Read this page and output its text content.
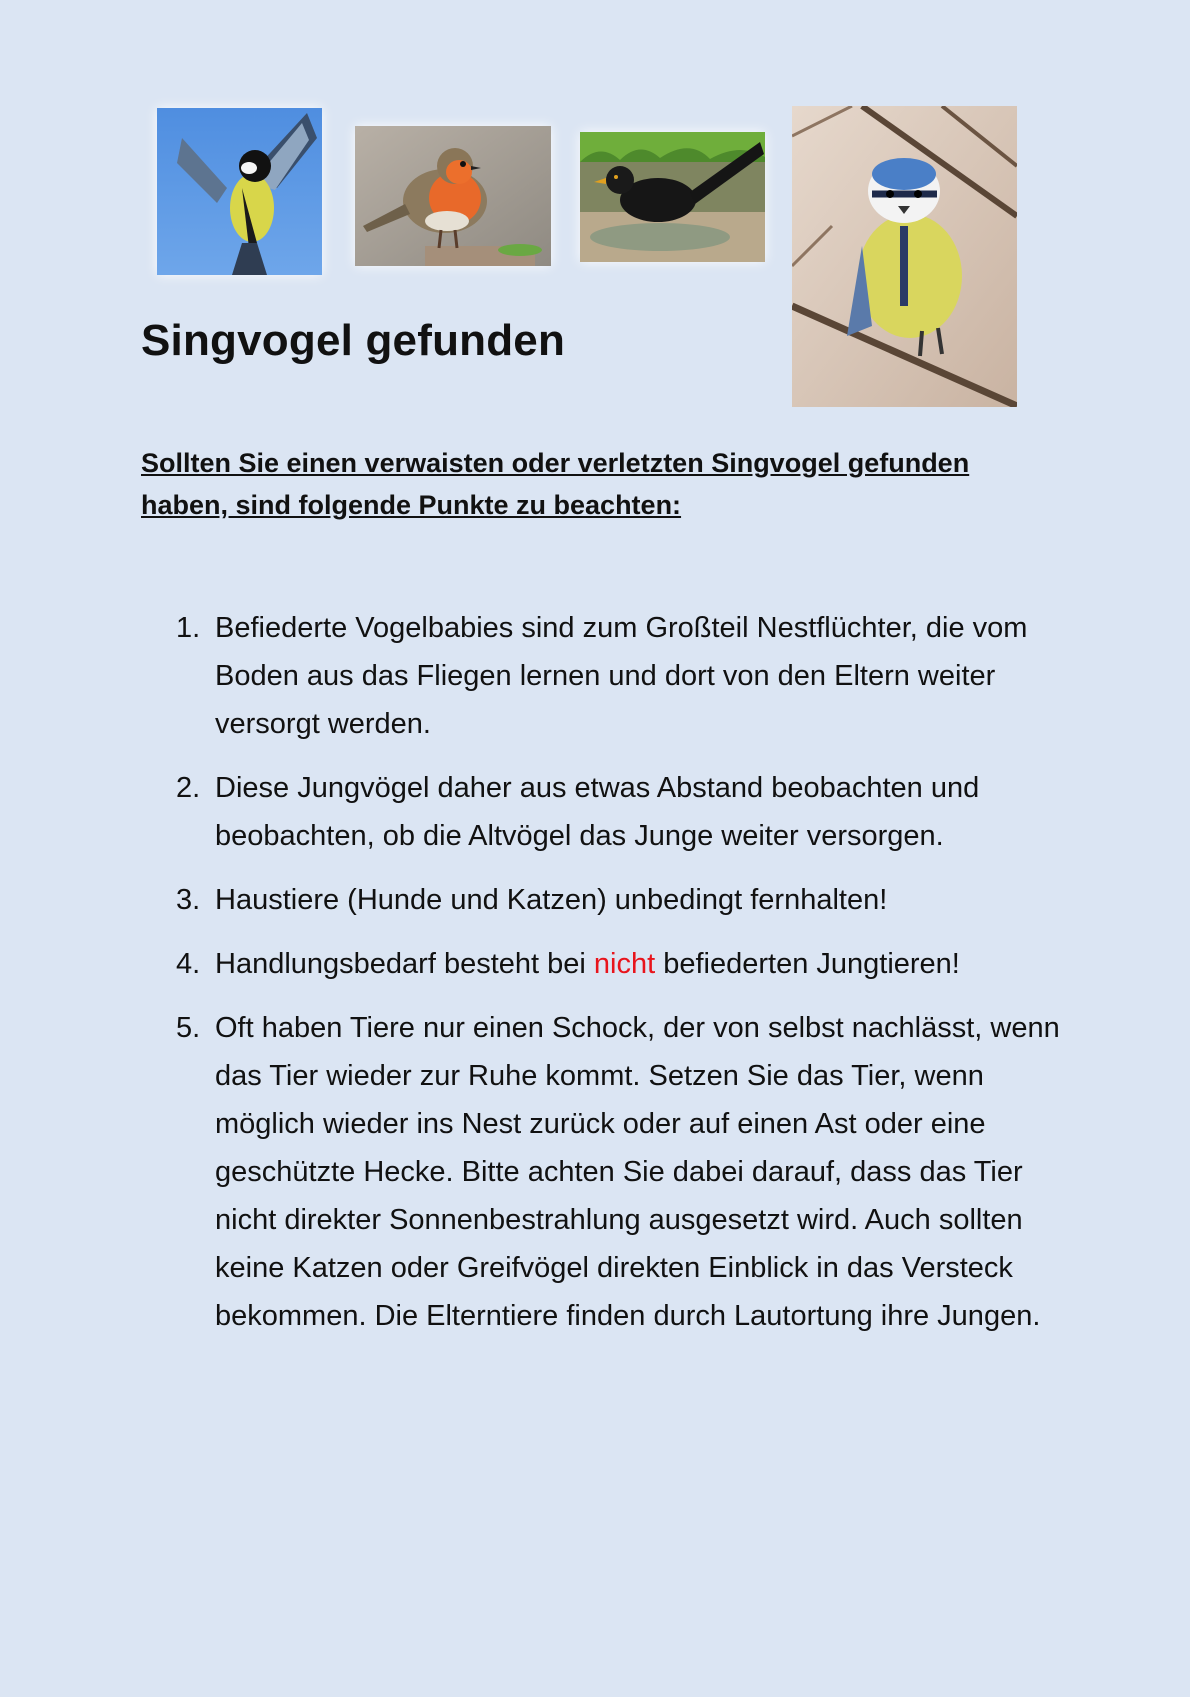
Singvogel gefunden

Sollten Sie einen verwaisten oder verletzten Singvogel gefunden haben, sind folgende Punkte zu beachten:

1. Befiederte Vogelbabies sind zum Großteil Nestflüchter, die vom Boden aus das Fliegen lernen und dort von den Eltern weiter versorgt werden.
2. Diese Jungvögel daher aus etwas Abstand beobachten und beobachten, ob die Altvögel das Junge weiter versorgen.
3. Haustiere (Hunde und Katzen) unbedingt fernhalten!
4. Handlungsbedarf besteht bei nicht befiederten Jungtieren!
5. Oft haben Tiere nur einen Schock, der von selbst nachlässt, wenn das Tier wieder zur Ruhe kommt. Setzen Sie das Tier, wenn möglich wieder ins Nest zurück oder auf einen Ast oder eine geschützte Hecke. Bitte achten Sie dabei darauf, dass das Tier nicht direkter Sonnenbestrahlung ausgesetzt wird. Auch sollten keine Katzen oder Greifvögel direkten Einblick in das Versteck bekommen. Die Elterntiere finden durch Lautortung ihre Jungen.
